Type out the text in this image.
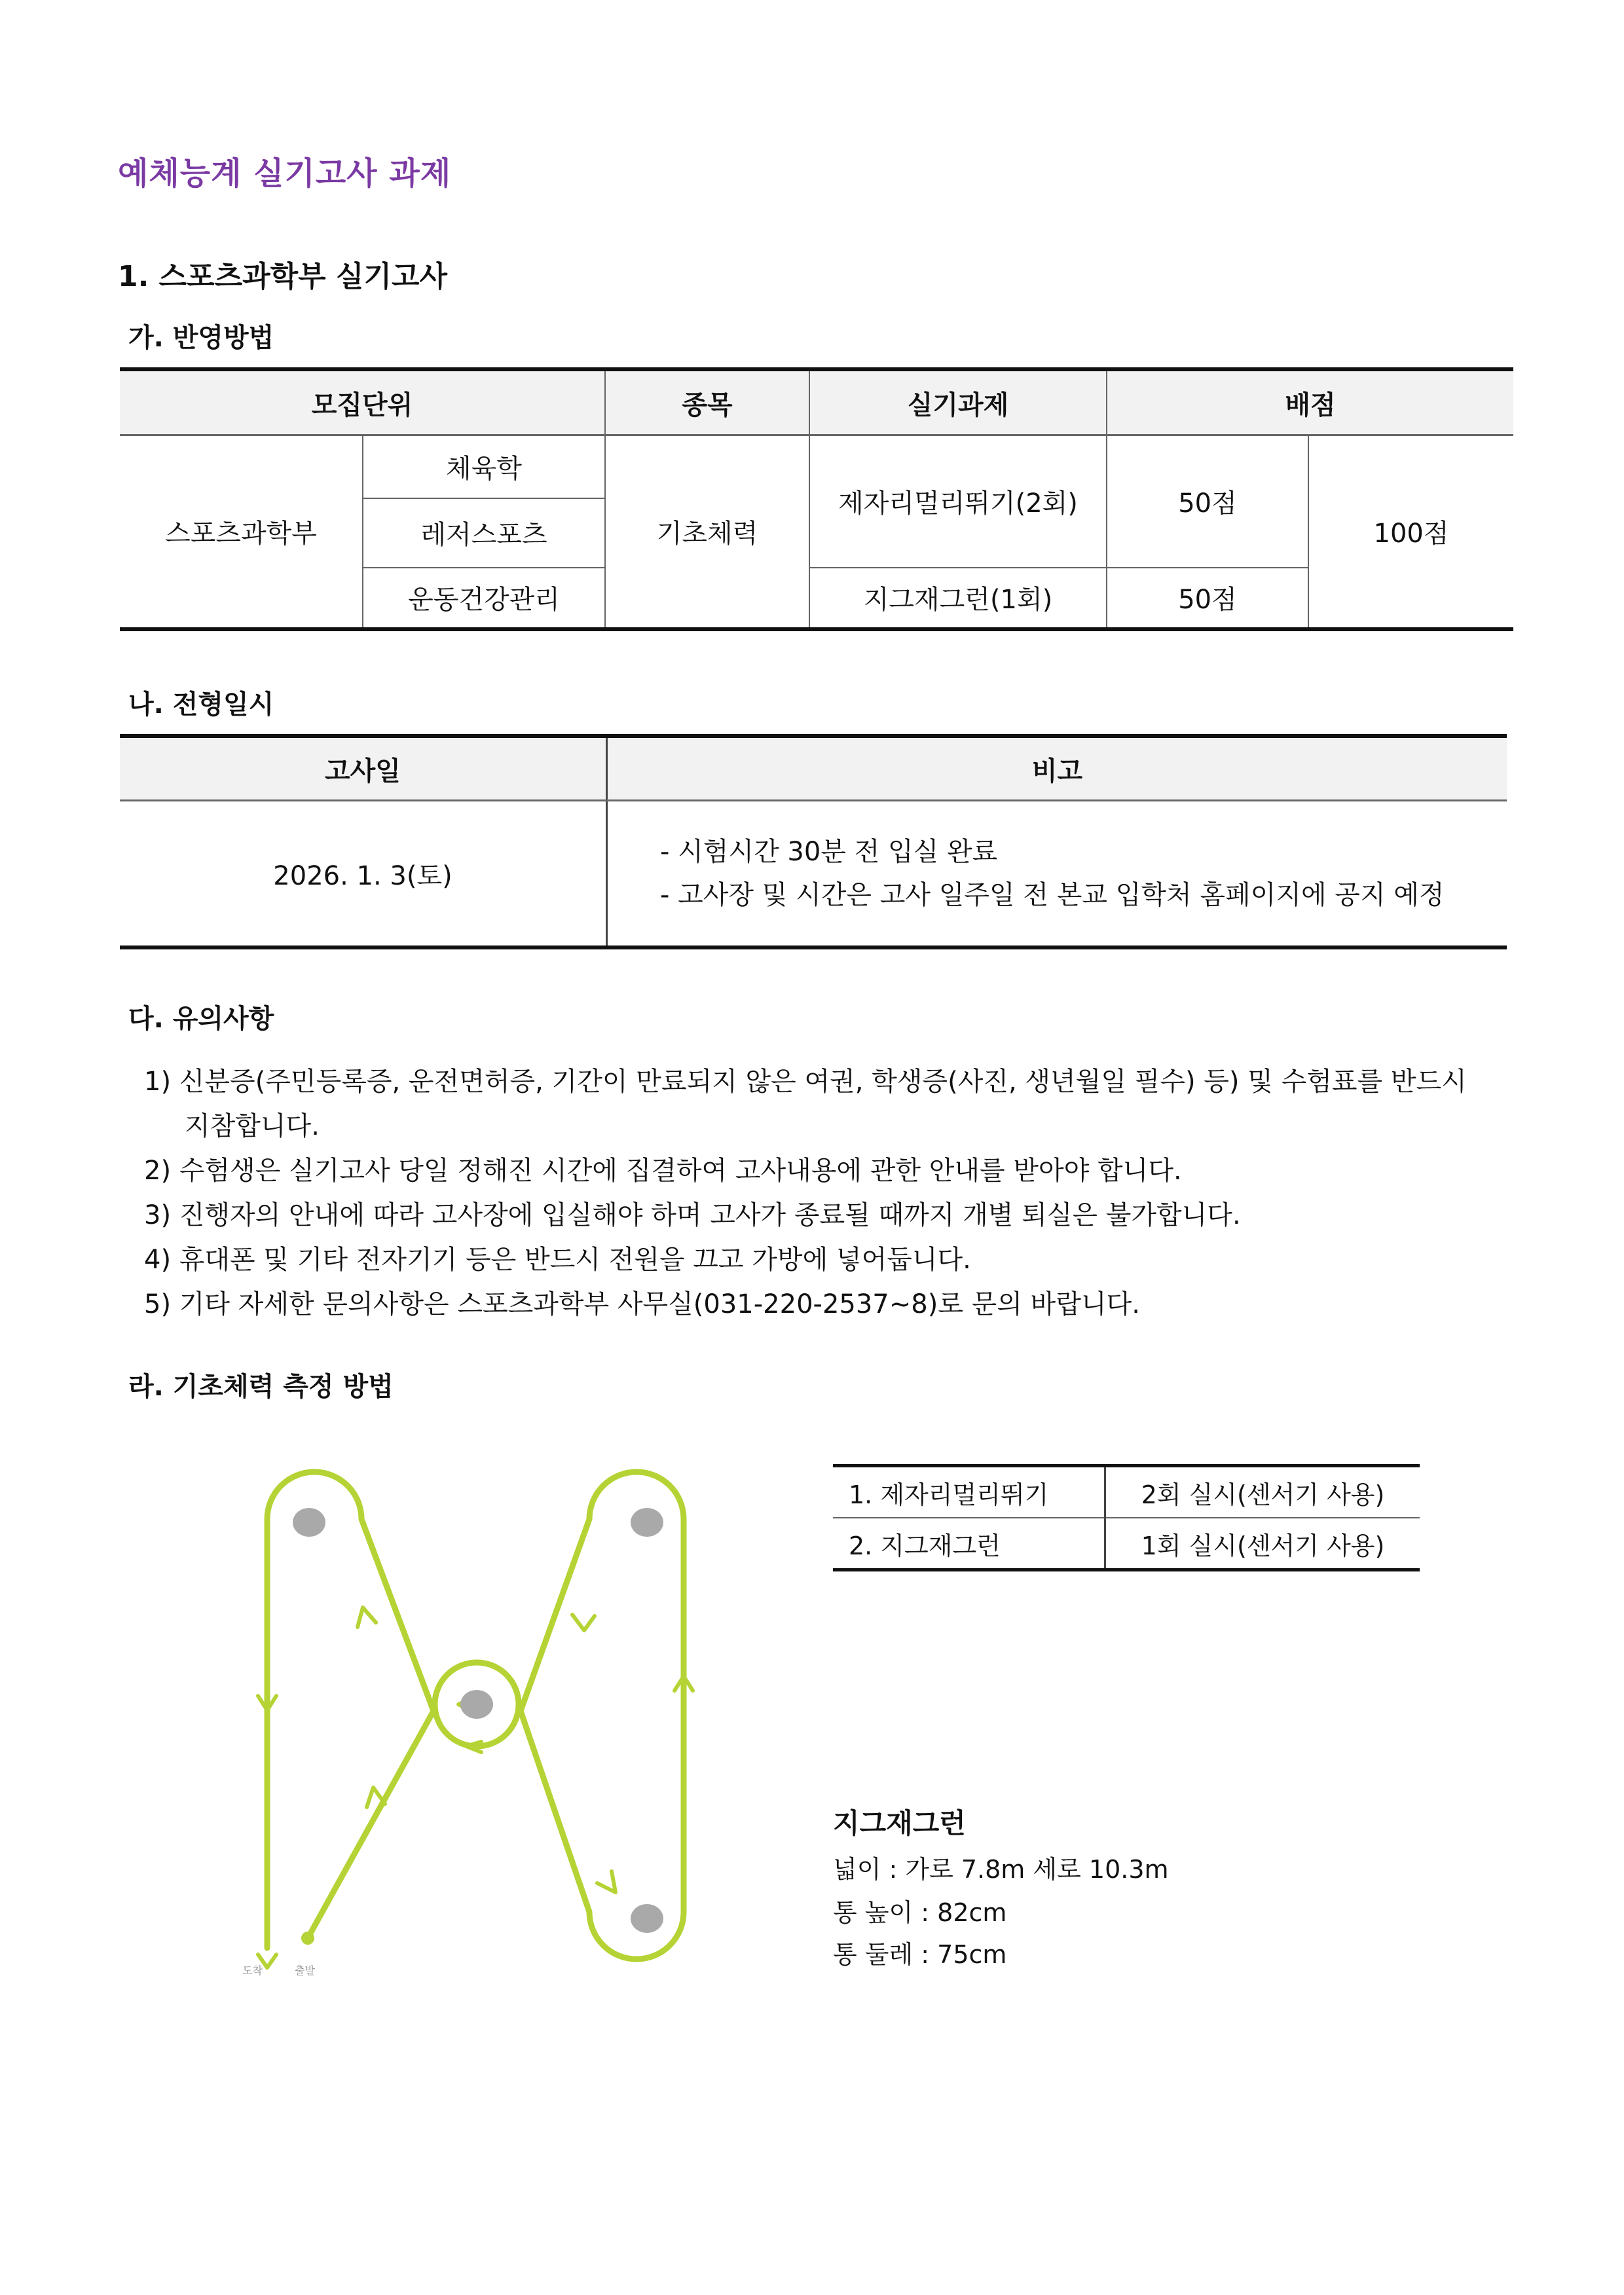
예체능계 실기고사 과제
1. 스포츠과학부 실기고사
가. 반영방법
모집단위		종목	실기과제	배점	
스포츠과학부	체육학	기초체력	제자리멀리뛰기(2회)	50점	100점
	레저스포츠				
	운동건강관리		지그재그런(1회)	50점	
나. 전형일시
고사일	비고
2026. 1. 3(토)	- 시험시간 30분 전 입실 완료
- 고사장 및 시간은 고사 일주일 전 본교 입학처 홈페이지에 공지 예정
다. 유의사항
1) 신분증(주민등록증, 운전면허증, 기간이 만료되지 않은 여권, 학생증(사진, 생년월일 필수) 등) 및 수험표를 반드시 지참합니다.
2) 수험생은 실기고사 당일 정해진 시간에 집결하여 고사내용에 관한 안내를 받아야 합니다.
3) 진행자의 안내에 따라 고사장에 입실해야 하며 고사가 종료될 때까지 개별 퇴실은 불가합니다.
4) 휴대폰 및 기타 전자기기 등은 반드시 전원을 끄고 가방에 넣어둡니다.
5) 기타 자세한 문의사항은 스포츠과학부 사무실(031-220-2537~8)로 문의 바랍니다.
라. 기초체력 측정 방법
도착	출발
1. 제자리멀리뛰기	2회 실시(센서기 사용)
2. 지그재그런	1회 실시(센서기 사용)
지그재그런
넓이 : 가로 7.8m 세로 10.3m
통 높이 : 82cm
통 둘레 : 75cm
